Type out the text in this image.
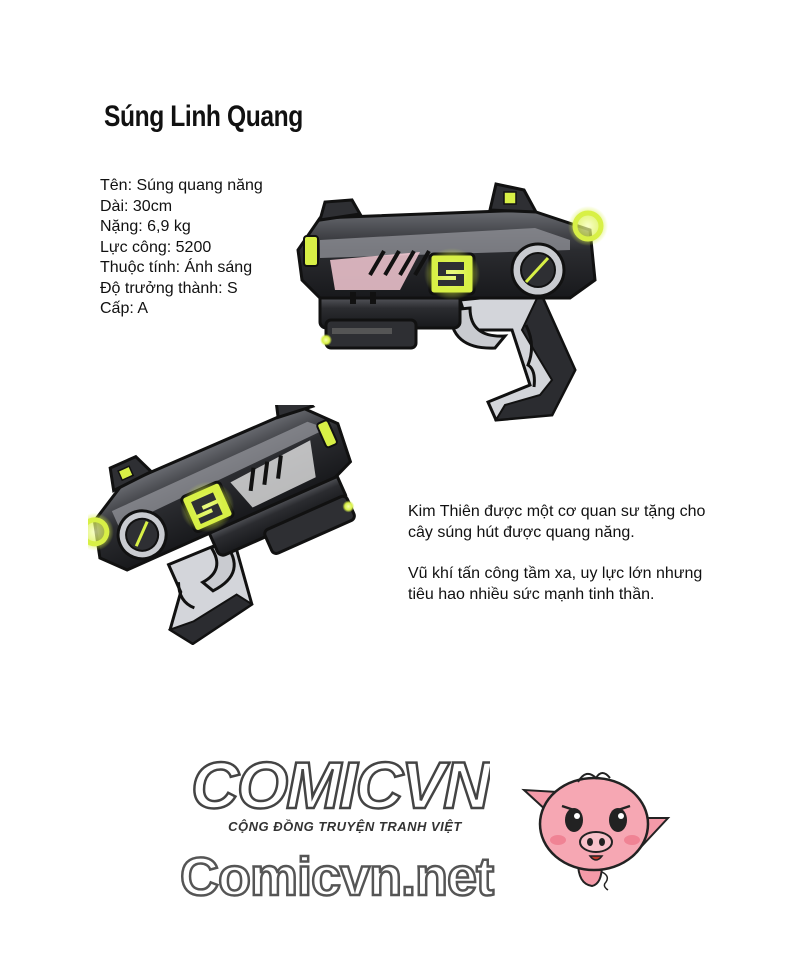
Súng Linh Quang
Tên: Súng quang năng
Dài: 30cm
Nặng: 6,9 kg
Lực công: 5200
Thuộc tính: Ánh sáng
Độ trưởng thành: S
Cấp: A

Kim Thiên được một cơ quan sư tặng cho cây súng hút được quang năng.

Vũ khí tấn công tầm xa, uy lực lớn nhưng tiêu hao nhiều sức mạnh tinh thần.

COMICVN
CỘNG ĐỒNG TRUYỆN TRANH VIỆT
Comicvn.net
